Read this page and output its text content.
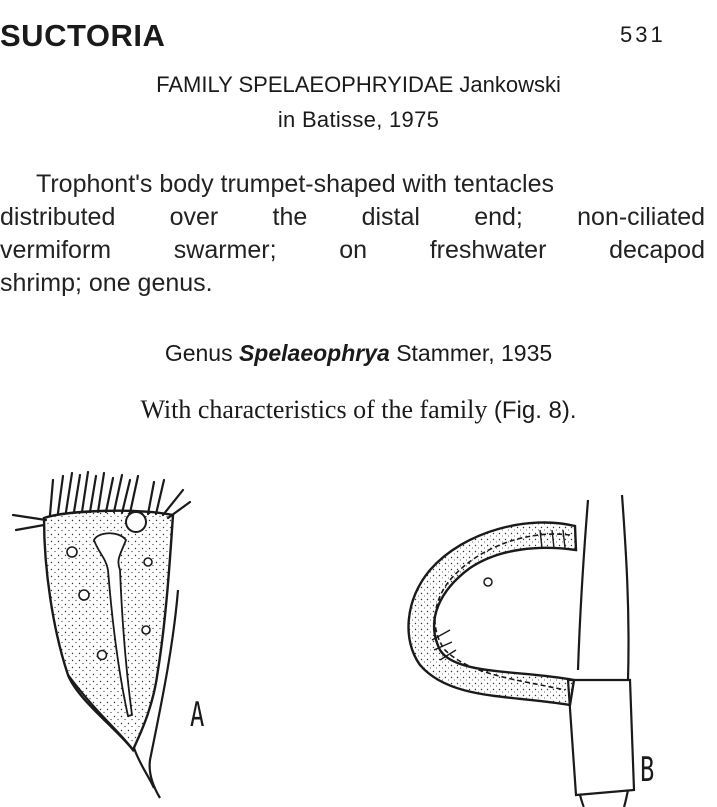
SUCTORIA	531
FAMILY SPELAEOPHRYIDAE Jankowski
in Batisse, 1975
Trophont's body trumpet-shaped with tentacles
distributed over the distal end; non-ciliated
vermiform	swarmer;	on	freshwater	decapod
shrimp; one genus.
Genus Spelaeophrya Stammer, 1935
With characteristics of the family (Fig. 8).
A
B
